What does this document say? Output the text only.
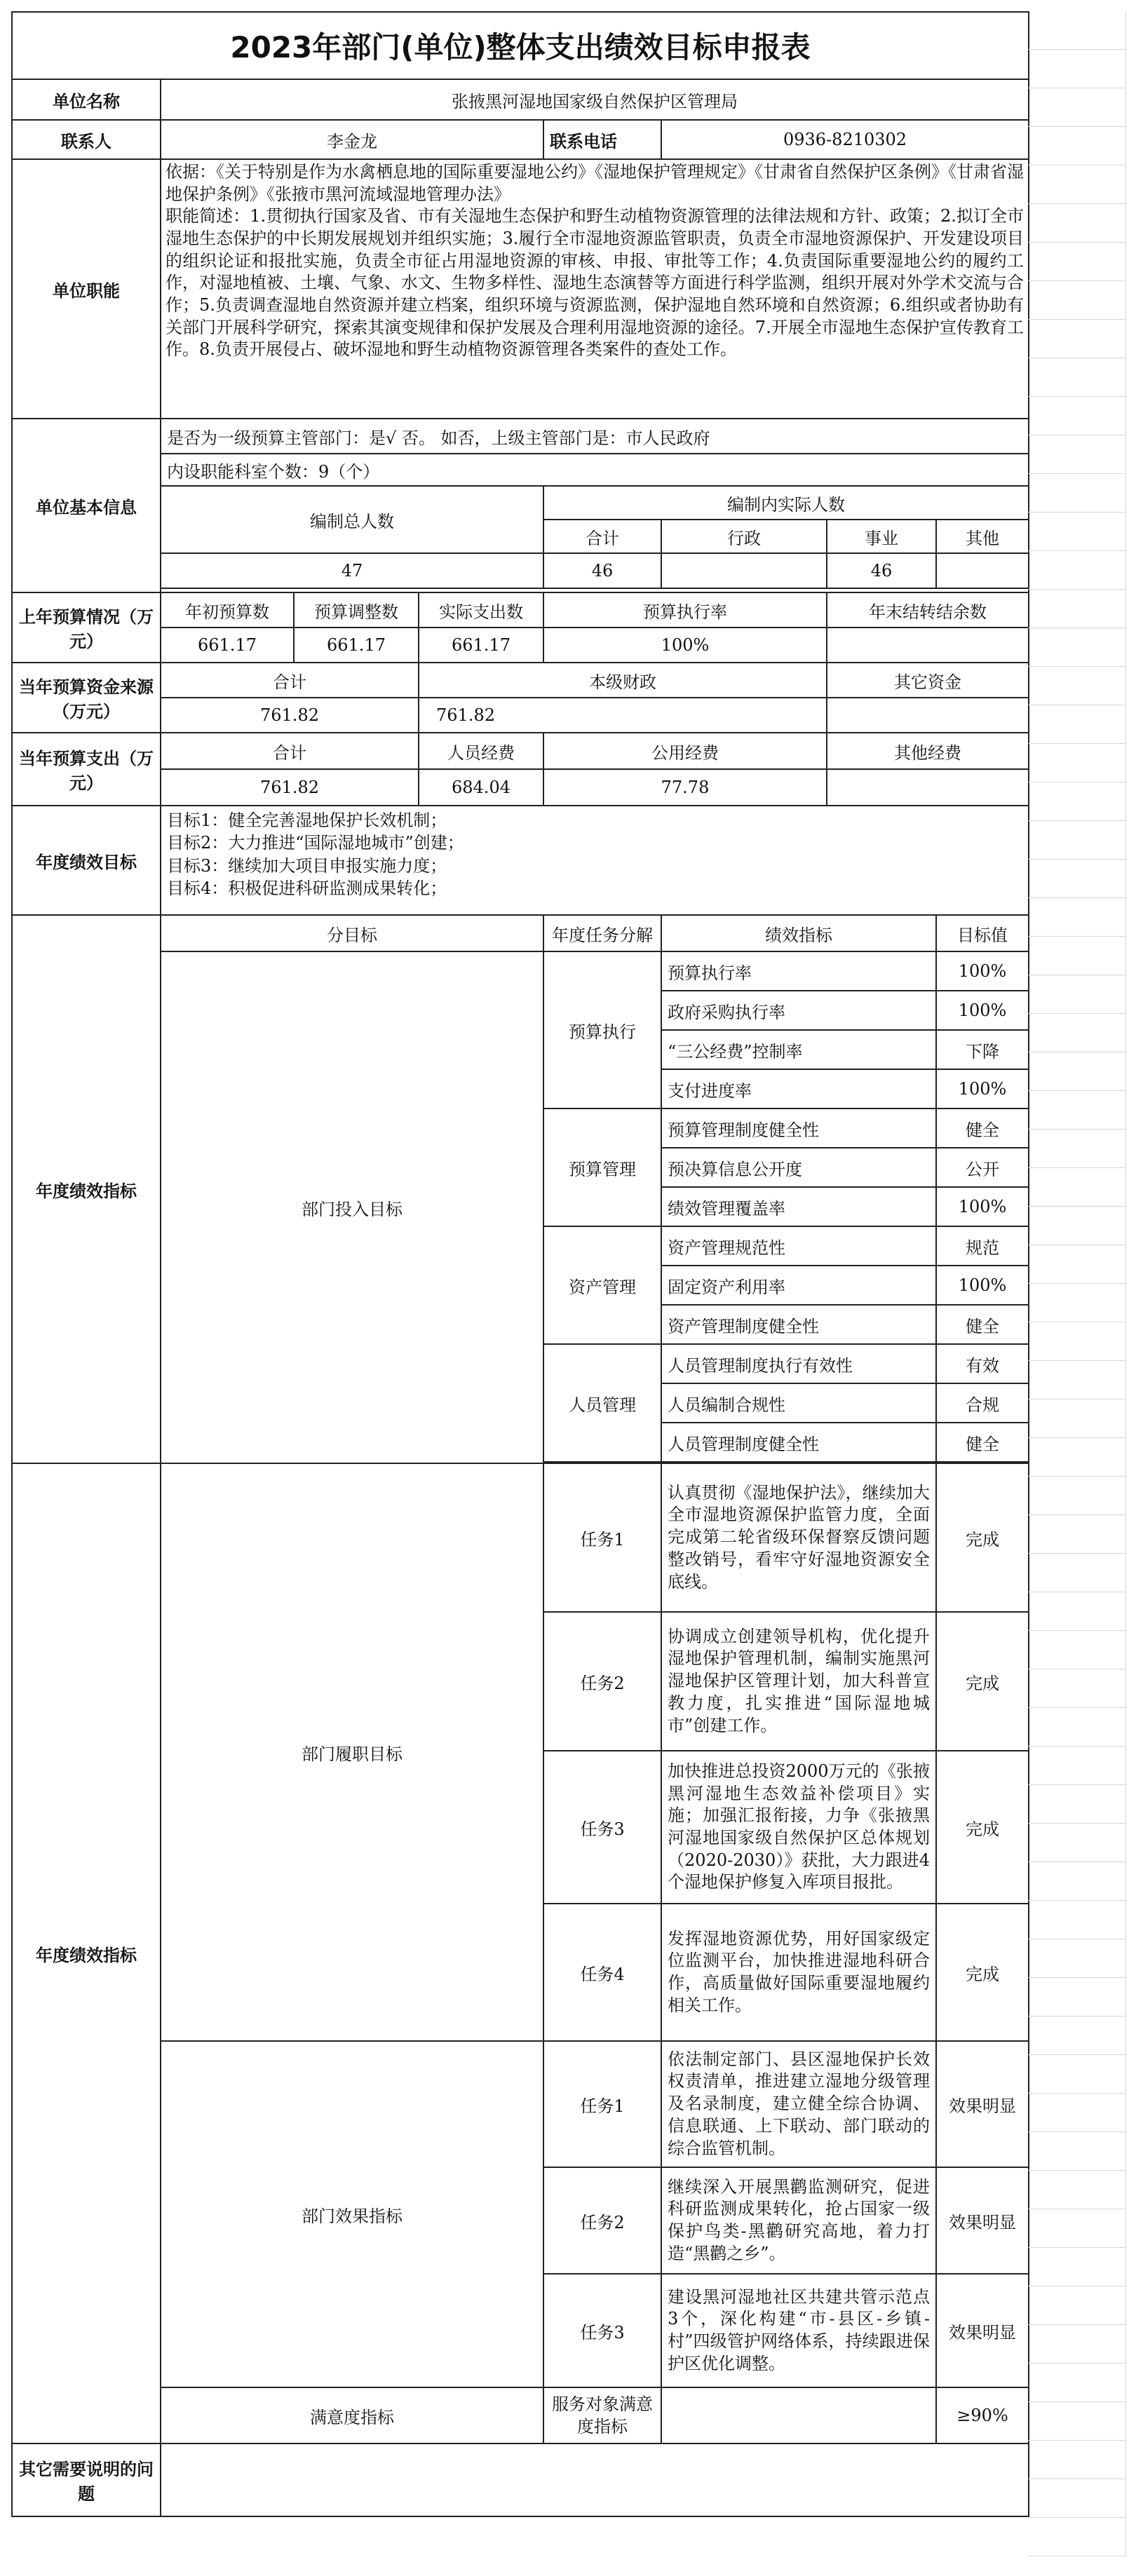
2023年部门(单位)整体支出绩效目标申报表							
单位名称	张掖黑河湿地国家级自然保护区管理局						
联系人	李金龙			联系电话	0936-8210302		
单位职能	依据：《关于特别是作为水禽栖息地的国际重要湿地公约》《湿地保护管理规定》《甘肃省自然保护区条例》《甘肃省湿地保护条例》《张掖市黑河流域湿地管理办法》
职能简述：1.贯彻执行国家及省、市有关湿地生态保护和野生动植物资源管理的法律法规和方针、政策；2.拟订全市湿地生态保护的中长期发展规划并组织实施；3.履行全市湿地资源监管职责，负责全市湿地资源保护、开发建设项目的组织论证和报批实施，负责全市征占用湿地资源的审核、申报、审批等工作；4.负责国际重要湿地公约的履约工作，对湿地植被、土壤、气象、水文、生物多样性、湿地生态演替等方面进行科学监测，组织开展对外学术交流与合作；5.负责调查湿地自然资源并建立档案，组织环境与资源监测，保护湿地自然环境和自然资源；6.组织或者协助有关部门开展科学研究，探索其演变规律和保护发展及合理利用湿地资源的途径。7.开展全市湿地生态保护宣传教育工作。8.负责开展侵占、破坏湿地和野生动植物资源管理各类案件的查处工作。						

单位基本信息	是否为一级预算主管部门：是√ 否。 如否，上级主管部门是：市人民政府						
	内设职能科室个数：9（个）						
	编制总人数			编制内实际人数			
				合计	行政	事业	其他
	47			46		46	

上年预算情况（万元）	年初预算数	预算调整数	实际支出数	预算执行率		年末结转结余数	
	661.17	661.17	661.17	100%			
当年预算资金来源（万元）	合计		本级财政			其它资金	
	761.82		761.82				
当年预算支出（万元）	合计		人员经费	公用经费		其他经费	
	761.82		684.04	77.78			
年度绩效目标	目标1：健全完善湿地保护长效机制；
目标2：大力推进“国际湿地城市”创建；
目标3：继续加大项目申报实施力度；
目标4：积极促进科研监测成果转化；						

年度绩效指标	分目标			年度任务分解	绩效指标		目标值
	部门投入目标			预算执行	预算执行率		100%
					政府采购执行率		100%
					“三公经费”控制率		下降
					支付进度率		100%
				预算管理	预算管理制度健全性		健全
					预决算信息公开度		公开
					绩效管理覆盖率		100%
				资产管理	资产管理规范性		规范
					固定资产利用率		100%
					资产管理制度健全性		健全
				人员管理	人员管理制度执行有效性		有效
					人员编制合规性		合规
					人员管理制度健全性		健全

年度绩效指标	部门履职目标			任务1	认真贯彻《湿地保护法》，继续加大全市湿地资源保护监管力度，全面完成第二轮省级环保督察反馈问题整改销号，看牢守好湿地资源安全底线。		完成
				任务2	协调成立创建领导机构，优化提升湿地保护管理机制，编制实施黑河湿地保护区管理计划，加大科普宣教力度，扎实推进“国际湿地城市”创建工作。		完成
				任务3	加快推进总投资2000万元的《张掖黑河湿地生态效益补偿项目》实施；加强汇报衔接，力争《张掖黑河湿地国家级自然保护区总体规划（2020-2030）》获批，大力跟进4个湿地保护修复入库项目报批。		完成
				任务4	发挥湿地资源优势，用好国家级定位监测平台，加快推进湿地科研合作，高质量做好国际重要湿地履约相关工作。		完成
	部门效果指标			任务1	依法制定部门、县区湿地保护长效权责清单，推进建立湿地分级管理及名录制度，建立健全综合协调、信息联通、上下联动、部门联动的综合监管机制。		效果明显
				任务2	继续深入开展黑鹳监测研究，促进科研监测成果转化，抢占国家一级保护鸟类-黑鹳研究高地，着力打造“黑鹳之乡”。		效果明显
				任务3	建设黑河湿地社区共建共管示范点3个，深化构建“市-县区-乡镇-村”四级管护网络体系，持续跟进保护区优化调整。		效果明显
	满意度指标			服务对象满意度指标			≥90%
其它需要说明的问题							
